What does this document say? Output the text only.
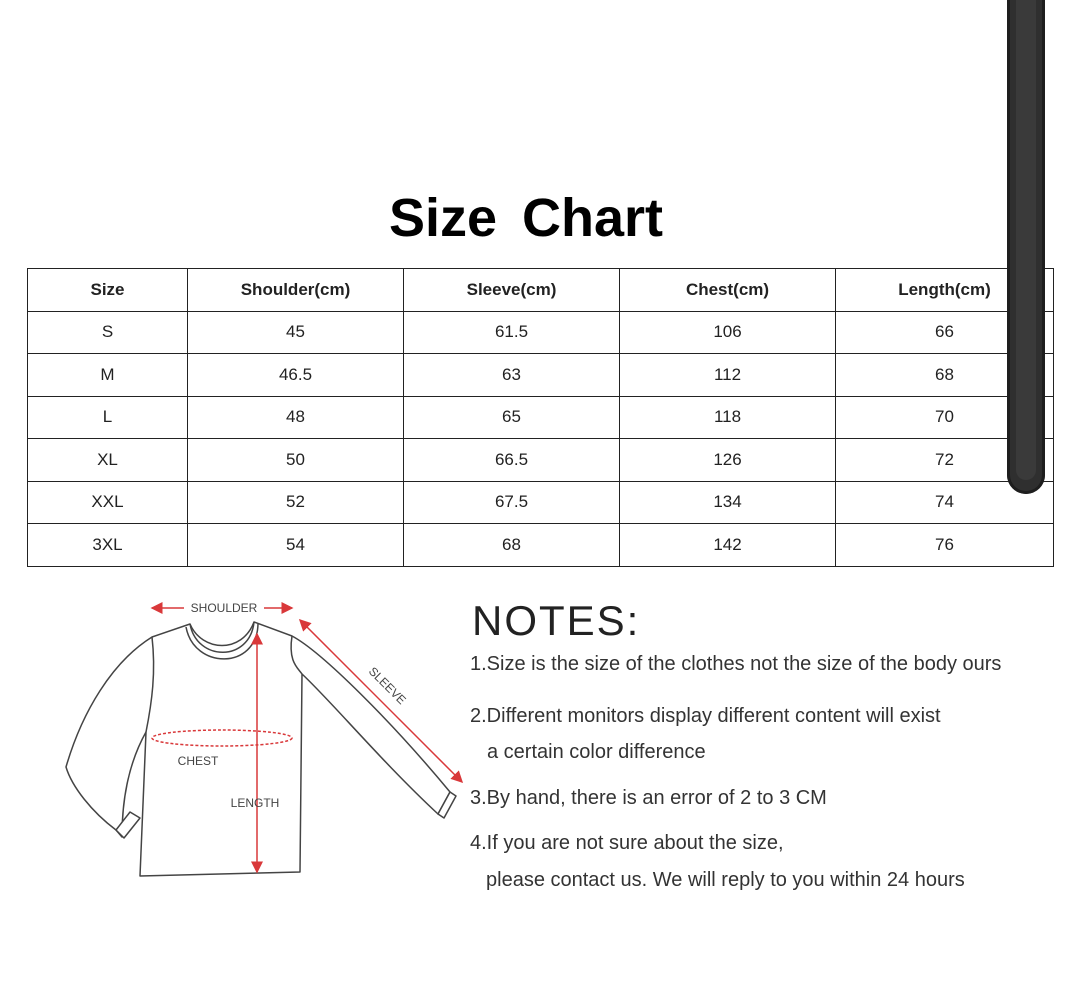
Size Chart
Size	Shoulder(cm)	Sleeve(cm)	Chest(cm)	Length(cm)
S	45	61.5	106	66
M	46.5	63	112	68
L	48	65	118	70
XL	50	66.5	126	72
XXL	52	67.5	134	74
3XL	54	68	142	76
SHOULDER
SLEEVE
CHEST
LENGTH
NOTES:
1.Size is the size of the clothes not the size of the body ours
2.Different monitors display different content will exist
a certain color difference
3.By hand, there is an error of 2 to 3 CM
4.If you are not sure about the size,
please contact us. We will reply to you within 24 hours
